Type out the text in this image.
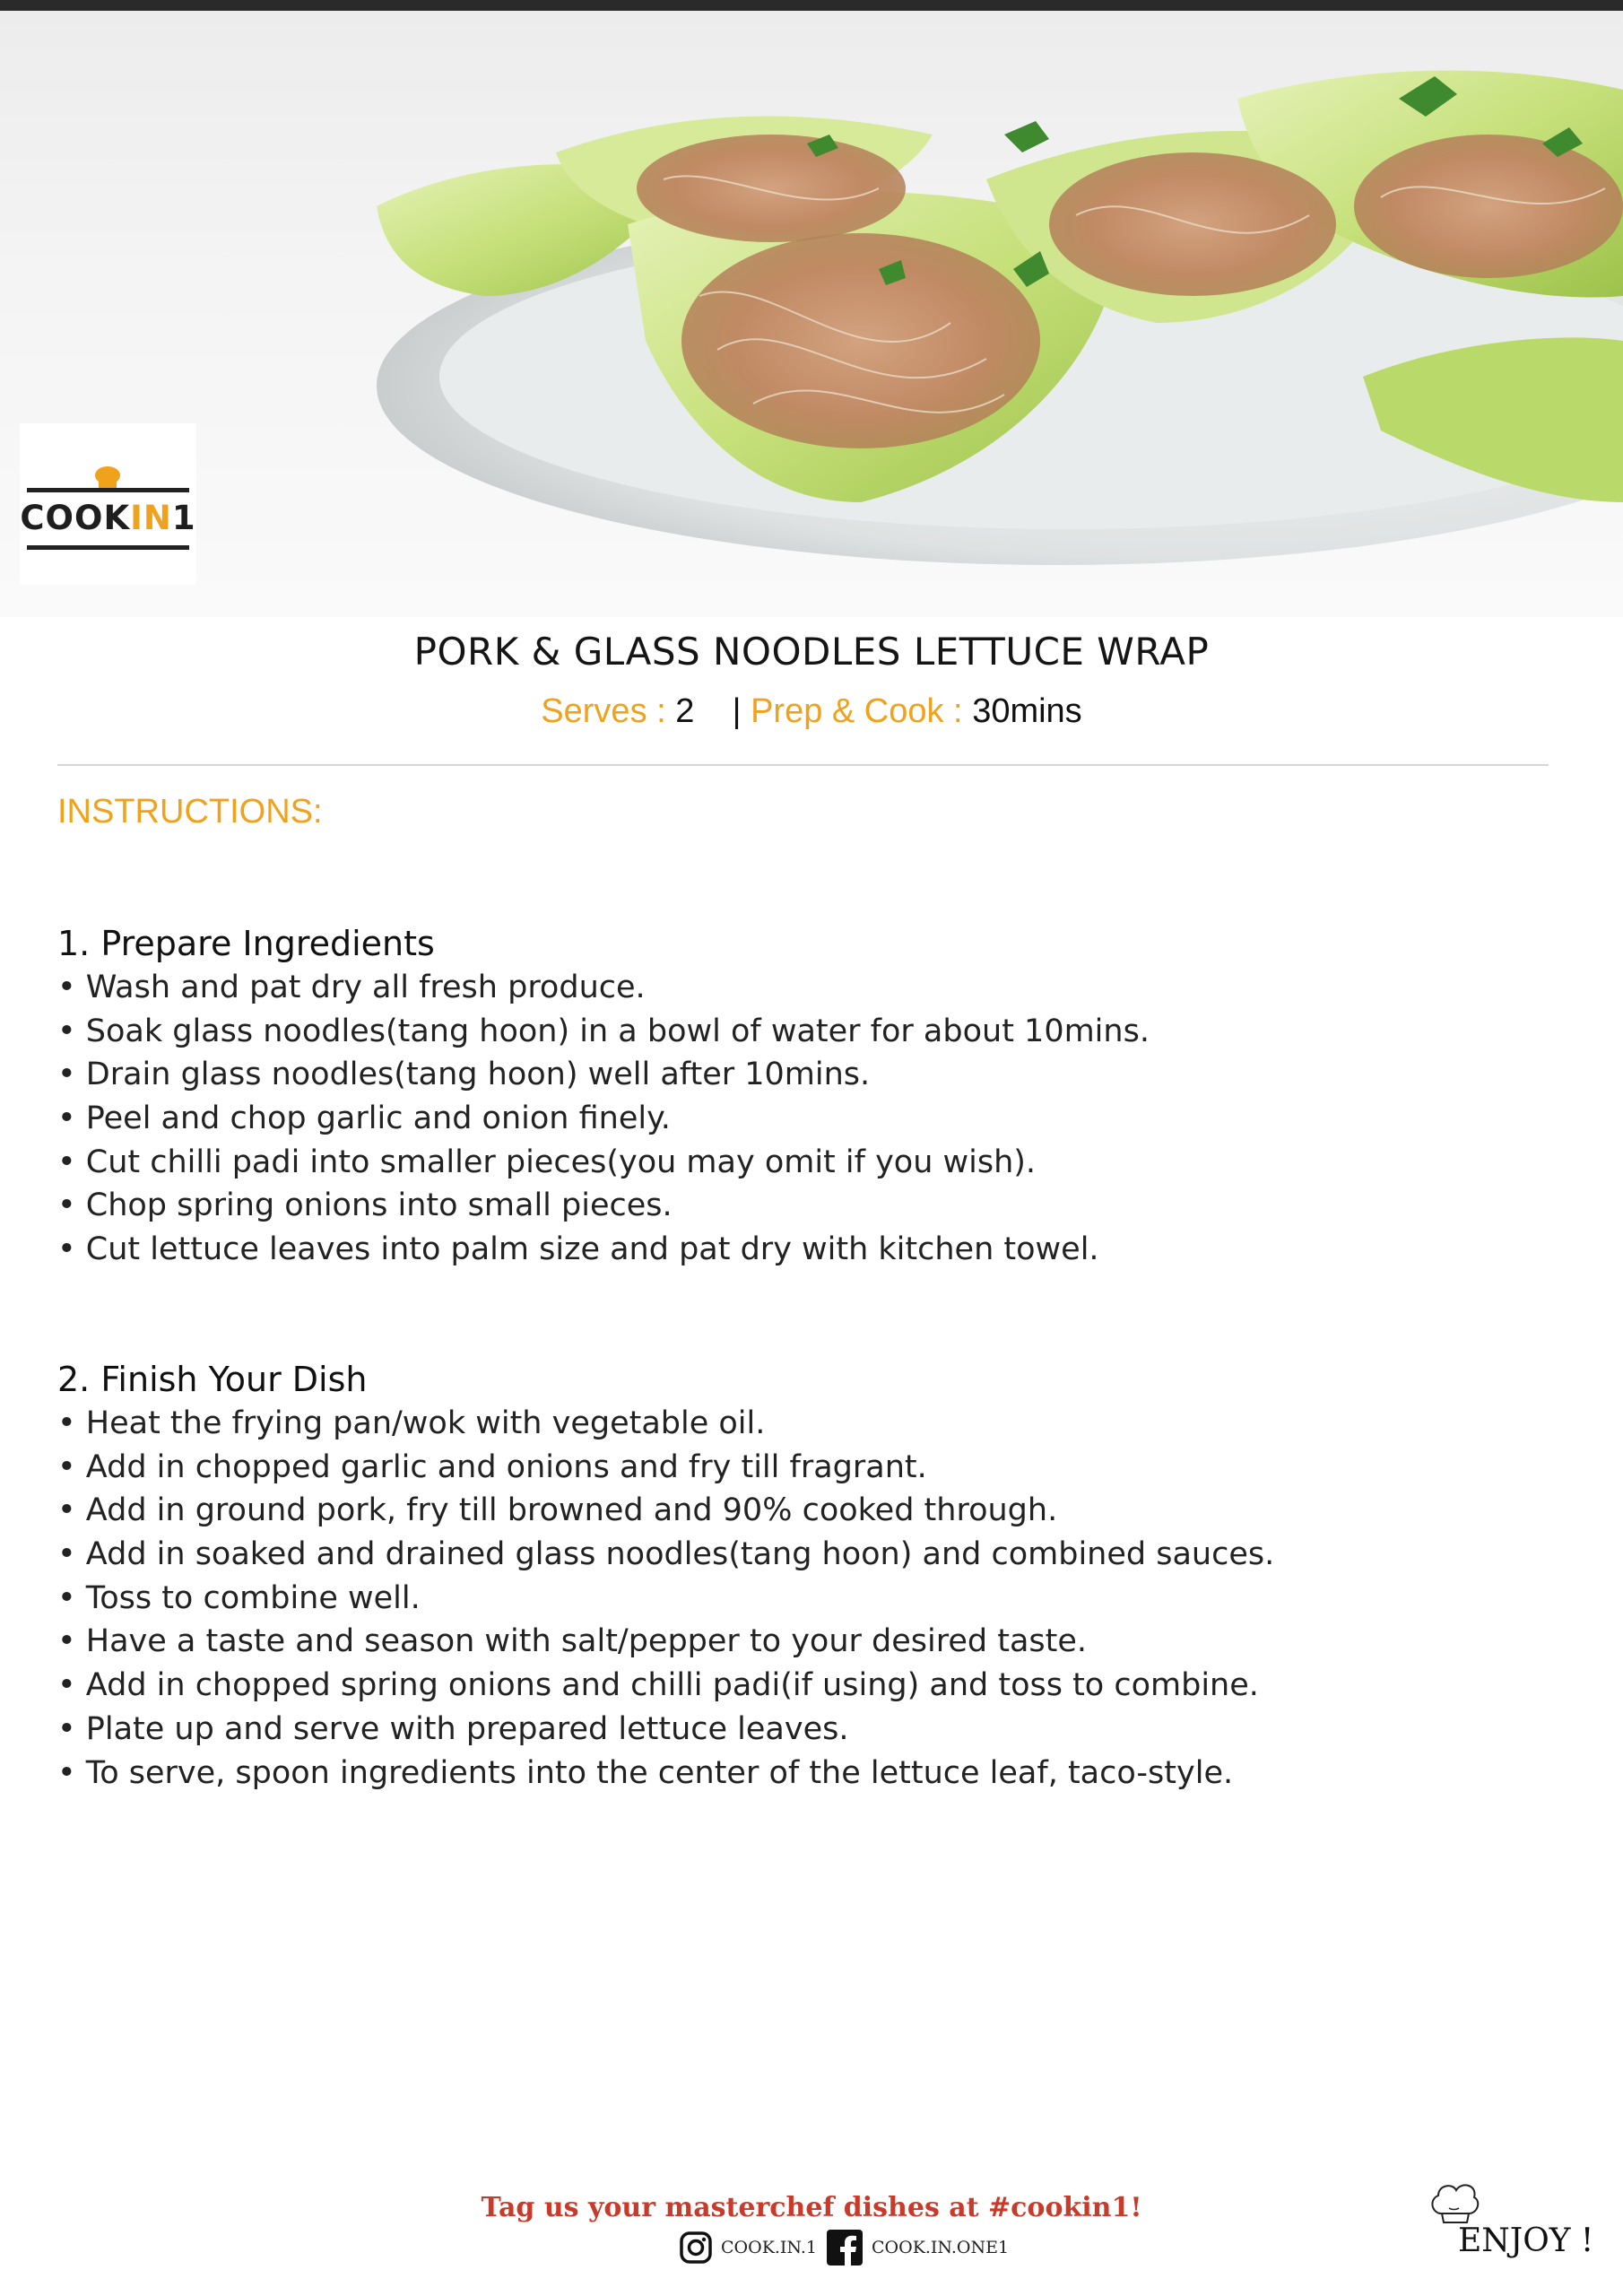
COOKIN1
PORK & GLASS NOODLES LETTUCE WRAP
Serves : 2 | Prep & Cook : 30mins
INSTRUCTIONS:
1. Prepare Ingredients
• Wash and pat dry all fresh produce.
• Soak glass noodles(tang hoon) in a bowl of water for about 10mins.
• Drain glass noodles(tang hoon) well after 10mins.
• Peel and chop garlic and onion finely.
• Cut chilli padi into smaller pieces(you may omit if you wish).
• Chop spring onions into small pieces.
• Cut lettuce leaves into palm size and pat dry with kitchen towel.
2. Finish Your Dish
• Heat the frying pan/wok with vegetable oil.
• Add in chopped garlic and onions and fry till fragrant.
• Add in ground pork, fry till browned and 90% cooked through.
• Add in soaked and drained glass noodles(tang hoon) and combined sauces.
• Toss to combine well.
• Have a taste and season with salt/pepper to your desired taste.
• Add in chopped spring onions and chilli padi(if using) and toss to combine.
• Plate up and serve with prepared lettuce leaves.
• To serve, spoon ingredients into the center of the lettuce leaf, taco-style.
Tag us your masterchef dishes at #cookin1!
COOK.IN.1	COOK.IN.ONE1	ENJOY !
